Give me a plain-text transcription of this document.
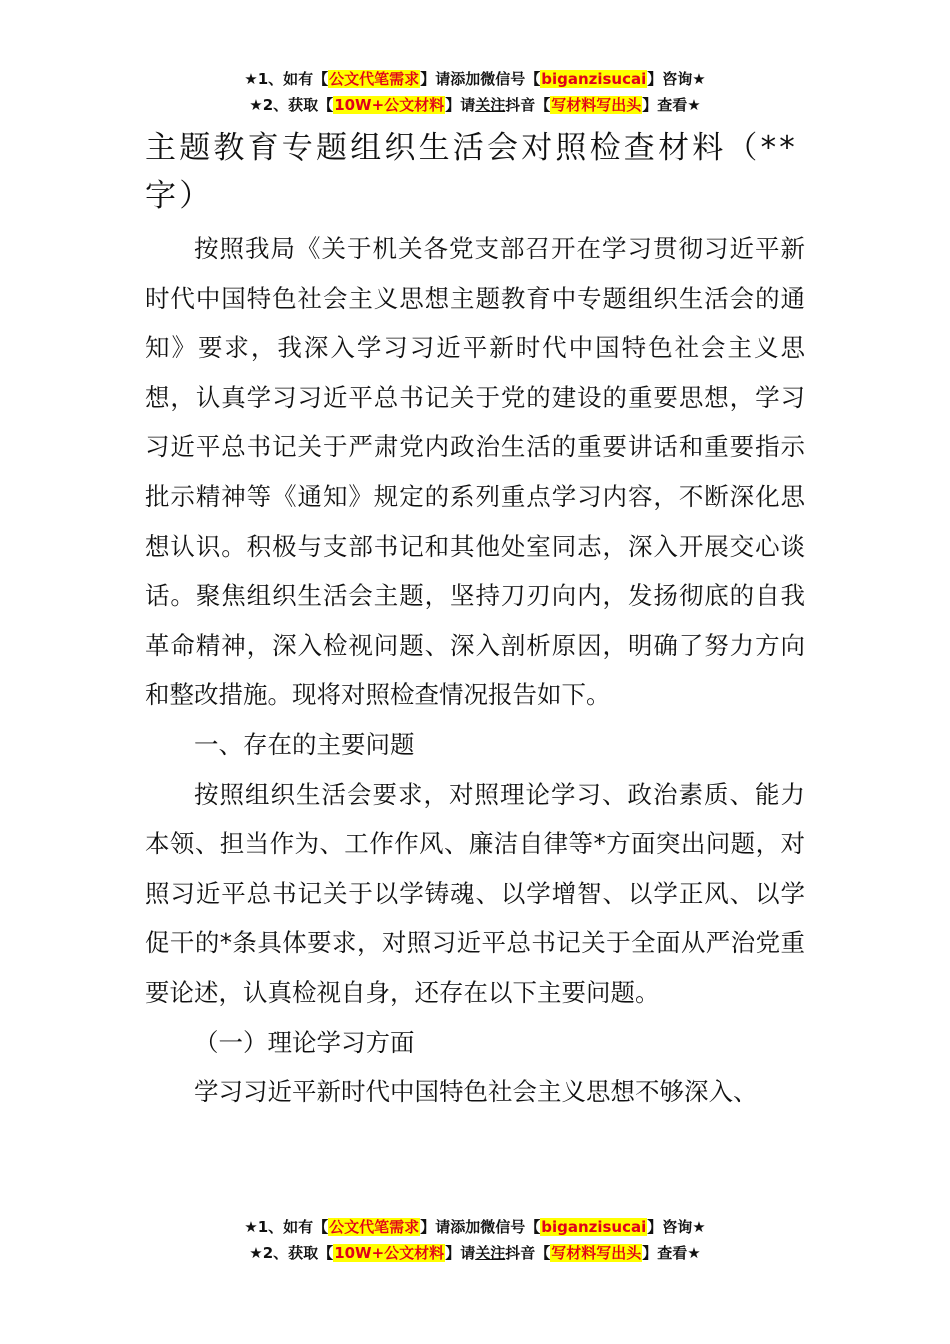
★1、如有【公文代笔需求】请添加微信号【biganzisucai】咨询★
★2、获取【10W+公文材料】请关注抖音【写材料写出头】查看★
主题教育专题组织生活会对照检查材料（**字）

按照我局《关于机关各党支部召开在学习贯彻习近平新时代中国特色社会主义思想主题教育中专题组织生活会的通知》要求，我深入学习习近平新时代中国特色社会主义思想，认真学习习近平总书记关于党的建设的重要思想，学习习近平总书记关于严肃党内政治生活的重要讲话和重要指示批示精神等《通知》规定的系列重点学习内容，不断深化思想认识。积极与支部书记和其他处室同志，深入开展交心谈话。聚焦组织生活会主题，坚持刀刃向内，发扬彻底的自我革命精神，深入检视问题、深入剖析原因，明确了努力方向和整改措施。现将对照检查情况报告如下。

一、存在的主要问题

按照组织生活会要求，对照理论学习、政治素质、能力本领、担当作为、工作作风、廉洁自律等*方面突出问题，对照习近平总书记关于以学铸魂、以学增智、以学正风、以学促干的*条具体要求，对照习近平总书记关于全面从严治党重要论述，认真检视自身，还存在以下主要问题。

（一）理论学习方面

学习习近平新时代中国特色社会主义思想不够深入、

★1、如有【公文代笔需求】请添加微信号【biganzisucai】咨询★
★2、获取【10W+公文材料】请关注抖音【写材料写出头】查看★
